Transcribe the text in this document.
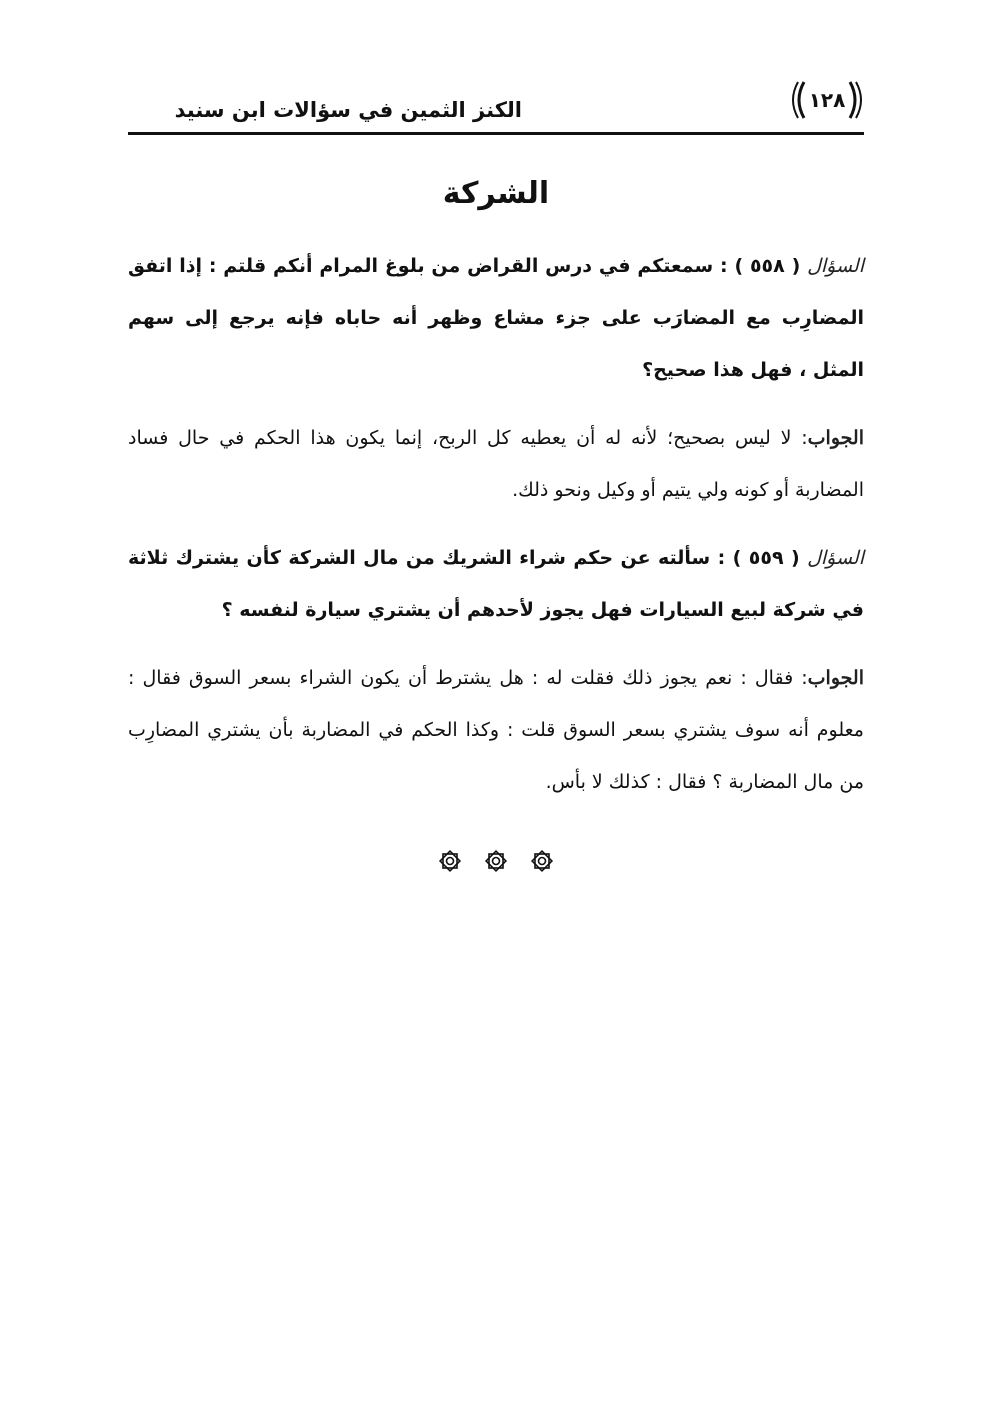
١٢٨
الكنز الثمين في سؤالات ابن سنيد
الشركة

السؤال ( ٥٥٨ ) : سمعتكم في درس القراض من بلوغ المرام أنكم قلتم : إذا اتفق المضارِب مع المضارَب على جزء مشاع وظهر أنه حاباه فإنه يرجع إلى سهم المثل ، فهل هذا صحيح؟

الجواب: لا ليس بصحيح؛ لأنه له أن يعطيه كل الربح، إنما يكون هذا الحكم في حال فساد المضاربة أو كونه ولي يتيم أو وكيل ونحو ذلك.

السؤال ( ٥٥٩ ) : سألته عن حكم شراء الشريك من مال الشركة كأن يشترك ثلاثة في شركة لبيع السيارات فهل يجوز لأحدهم أن يشتري سيارة لنفسه ؟

الجواب: فقال : نعم يجوز ذلك فقلت له : هل يشترط أن يكون الشراء بسعر السوق فقال : معلوم أنه سوف يشتري بسعر السوق قلت : وكذا الحكم في المضاربة بأن يشتري المضارِب من مال المضاربة ؟ فقال : كذلك لا بأس.
